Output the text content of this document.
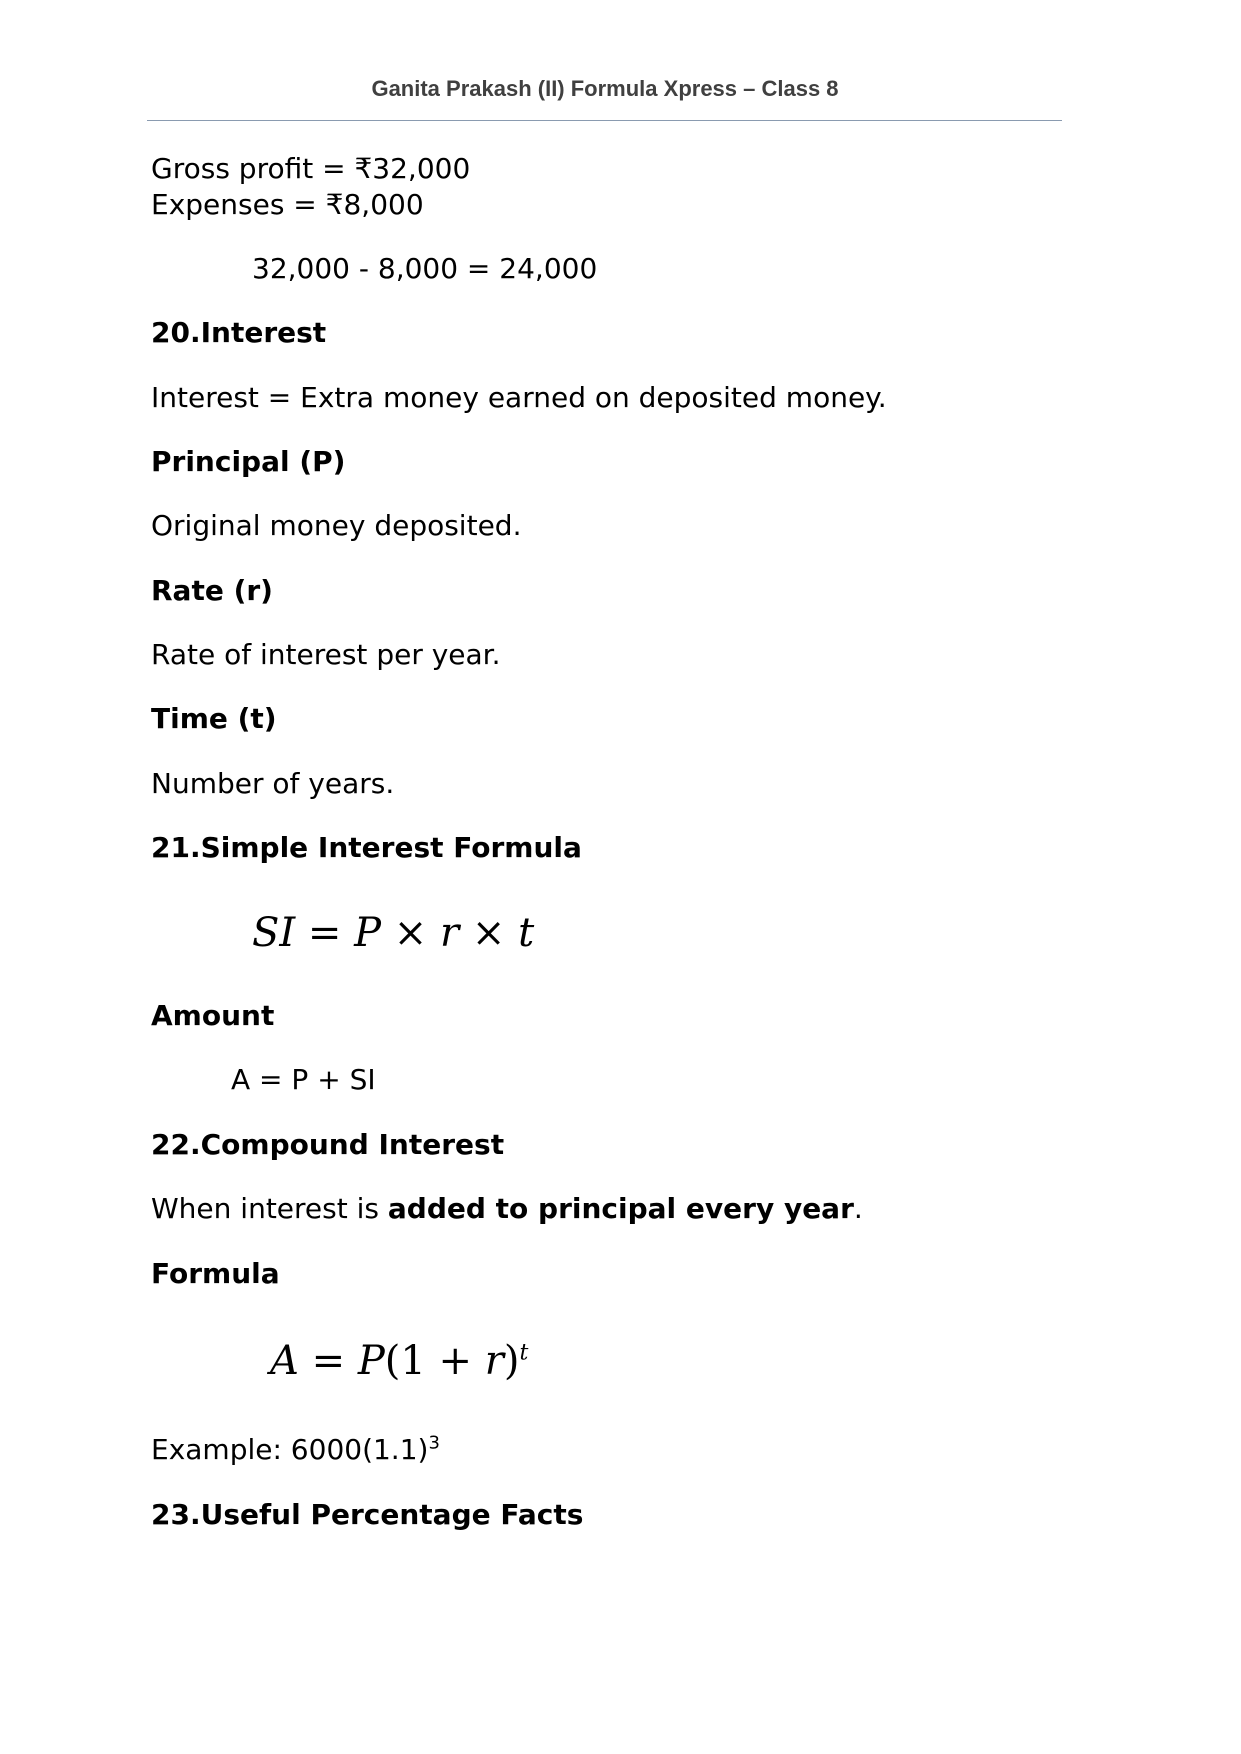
Ganita Prakash (II) Formula Xpress – Class 8

Gross profit = ₹32,000

Expenses = ₹8,000

32,000 - 8,000 = 24,000

20.Interest

Interest = Extra money earned on deposited money.

Principal (P)

Original money deposited.

Rate (r)

Rate of interest per year.

Time (t)

Number of years.

21.Simple Interest Formula

SI = P × r × t

Amount

A = P + SI

22.Compound Interest

When interest is added to principal every year.

Formula

$A = P(1 + r)^t$

Example: $6000(1.1)^3$

23.Useful Percentage Facts
